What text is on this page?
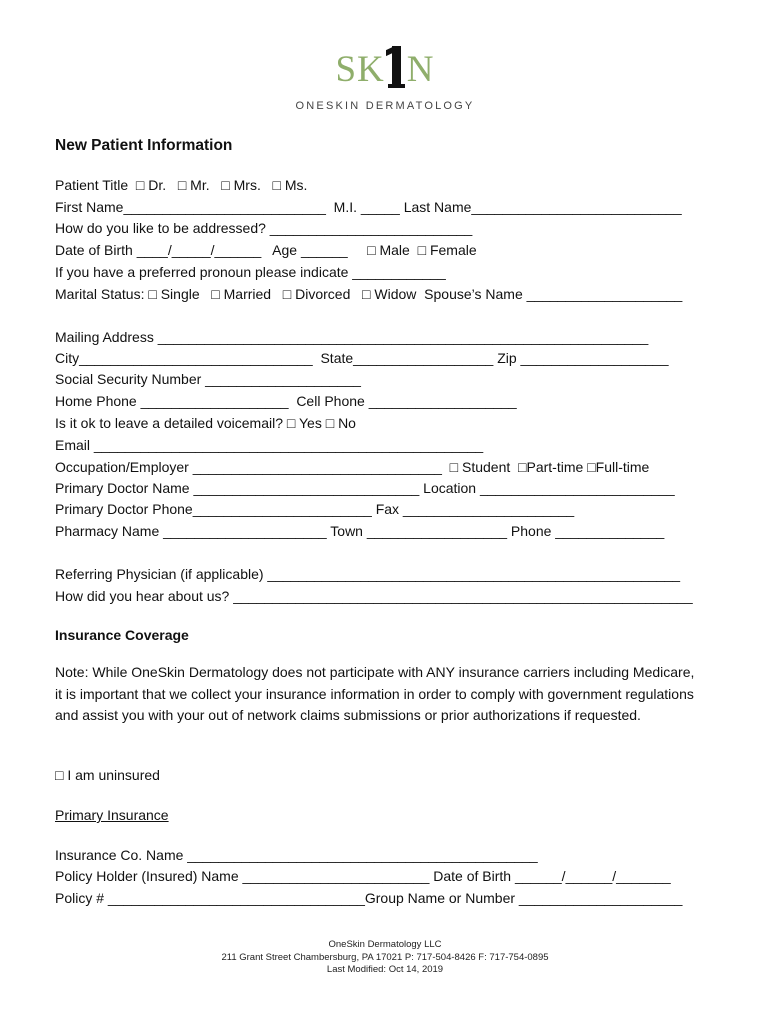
SK N
ONESKIN DERMATOLOGY
New Patient Information
Patient Title  □ Dr.   □ Mr.   □ Mrs.   □ Ms.
First Name__________________________  M.I. _____ Last Name___________________________
How do you like to be addressed? __________________________
Date of Birth ____/_____/______   Age ______     □ Male  □ Female
If you have a preferred pronoun please indicate ____________
Marital Status: □ Single   □ Married   □ Divorced   □ Widow  Spouse’s Name ____________________
Mailing Address _______________________________________________________________
City______________________________  State__________________ Zip ___________________
Social Security Number ____________________
Home Phone ___________________  Cell Phone ___________________
Is it ok to leave a detailed voicemail? □ Yes □ No
Email __________________________________________________
Occupation/Employer ________________________________  □ Student  □Part-time □Full-time
Primary Doctor Name _____________________________ Location _________________________
Primary Doctor Phone_______________________ Fax ______________________
Pharmacy Name _____________________ Town __________________ Phone ______________
Referring Physician (if applicable) _____________________________________________________
How did you hear about us? ___________________________________________________________
Insurance Coverage
Note: While OneSkin Dermatology does not participate with ANY insurance carriers including Medicare, it is important that we collect your insurance information in order to comply with government regulations and assist you with your out of network claims submissions or prior authorizations if requested.
□ I am uninsured
Primary Insurance
Insurance Co. Name _____________________________________________
Policy Holder (Insured) Name ________________________ Date of Birth ______/______/_______
Policy # _________________________________Group Name or Number _____________________
OneSkin Dermatology LLC
211 Grant Street Chambersburg, PA 17021 P: 717-504-8426 F: 717-754-0895
Last Modified: Oct 14, 2019
